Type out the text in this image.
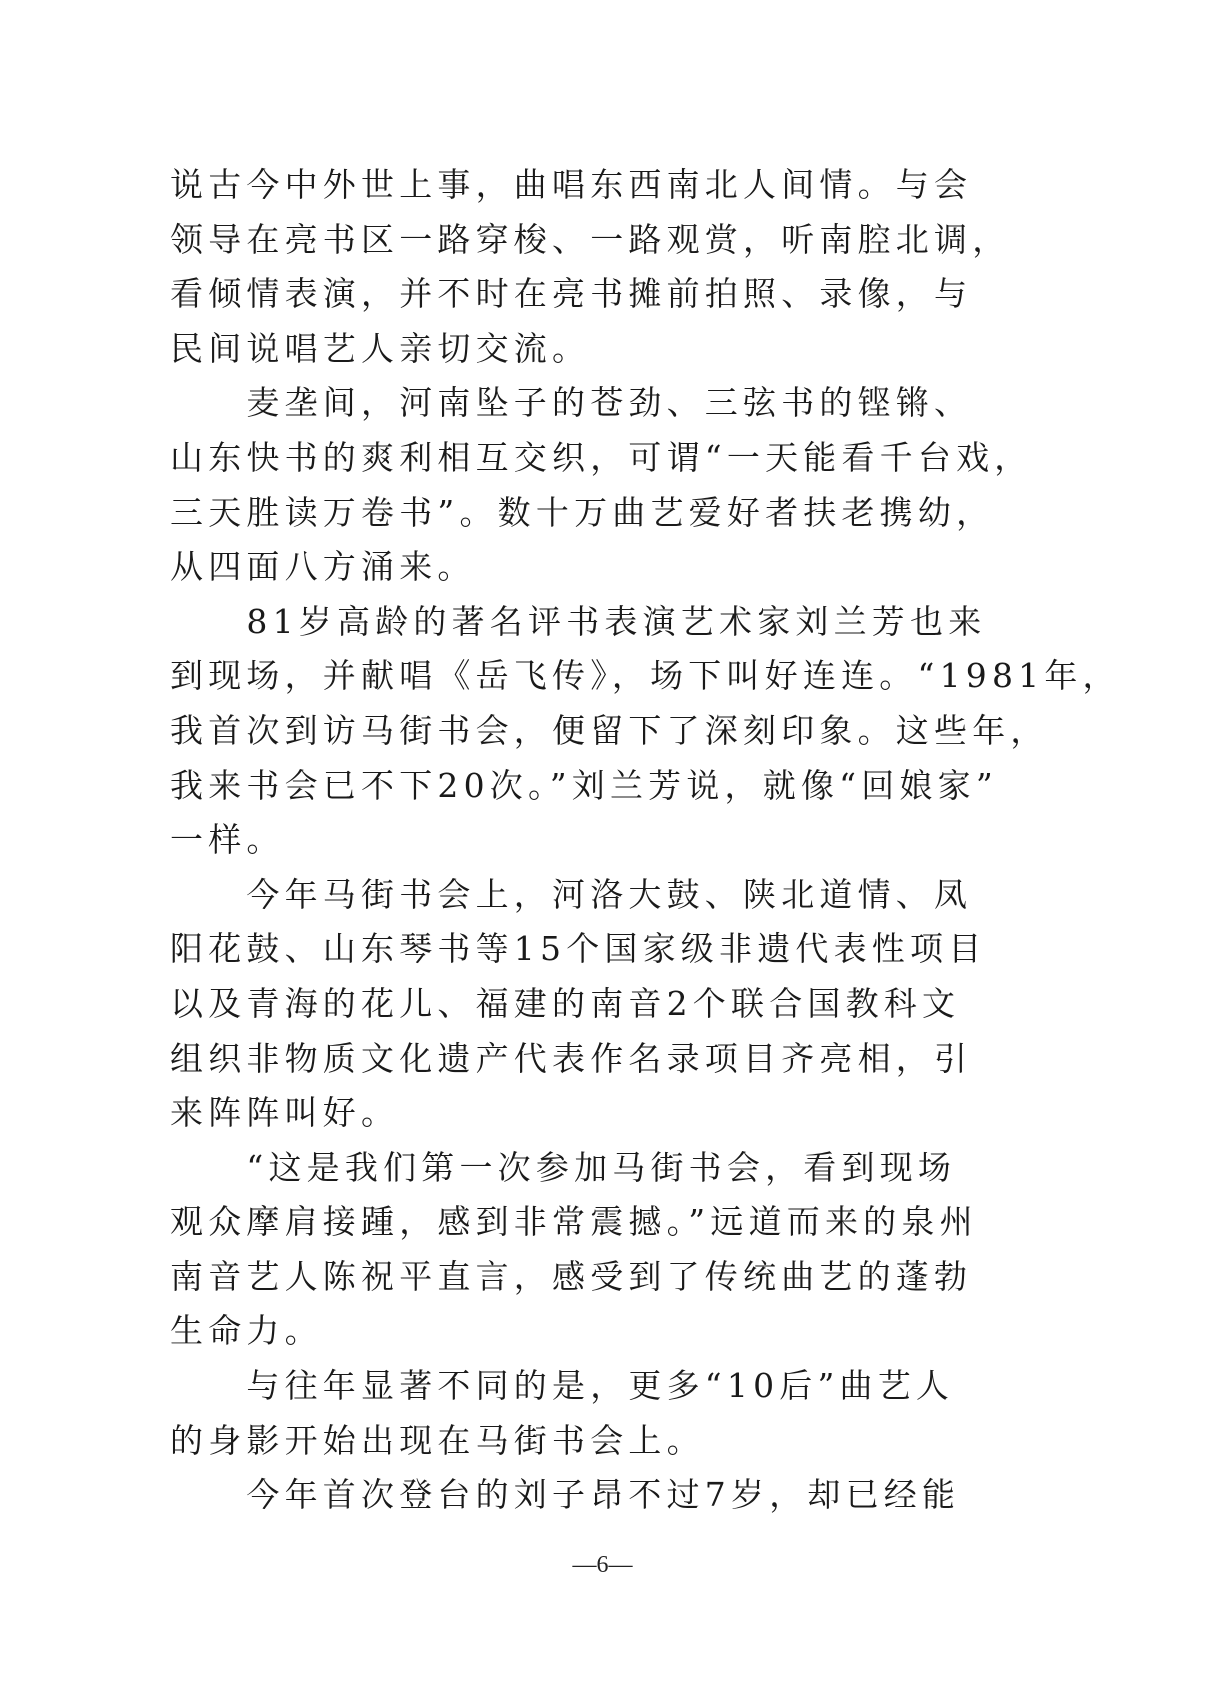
说古今中外世上事，曲唱东西南北人间情。与会
领导在亮书区一路穿梭、一路观赏，听南腔北调，
看倾情表演，并不时在亮书摊前拍照、录像，与
民间说唱艺人亲切交流。
　　麦垄间，河南坠子的苍劲、三弦书的铿锵、
山东快书的爽利相互交织，可谓“一天能看千台戏，
三天胜读万卷书”。数十万曲艺爱好者扶老携幼，
从四面八方涌来。
　　81岁高龄的著名评书表演艺术家刘兰芳也来
到现场，并献唱《岳飞传》，场下叫好连连。“1981年，
我首次到访马街书会，便留下了深刻印象。这些年，
我来书会已不下20次。”刘兰芳说，就像“回娘家”
一样。
　　今年马街书会上，河洛大鼓、陕北道情、凤
阳花鼓、山东琴书等15个国家级非遗代表性项目
以及青海的花儿、福建的南音2个联合国教科文
组织非物质文化遗产代表作名录项目齐亮相，引
来阵阵叫好。
　　“这是我们第一次参加马街书会，看到现场
观众摩肩接踵，感到非常震撼。”远道而来的泉州
南音艺人陈祝平直言，感受到了传统曲艺的蓬勃
生命力。
　　与往年显著不同的是，更多“10后”曲艺人
的身影开始出现在马街书会上。
　　今年首次登台的刘子昂不过7岁，却已经能
—6—
